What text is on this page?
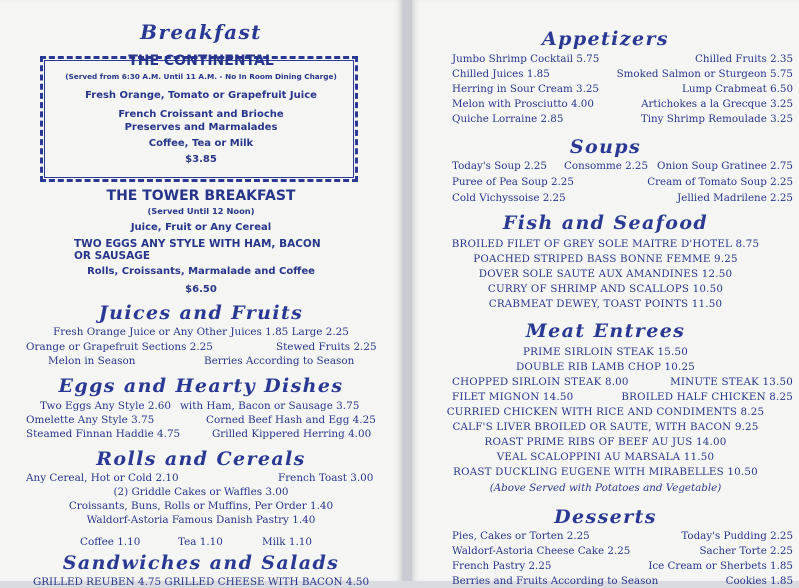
Breakfast
THE CONTINENTAL
(Served from 6:30 A.M. Until 11 A.M. - No In Room Dining Charge)
Fresh Orange, Tomato or Grapefruit Juice
French Croissant and Brioche
Preserves and Marmalades
Coffee, Tea or Milk
$3.85
THE TOWER BREAKFAST
(Served Until 12 Noon)
Juice, Fruit or Any Cereal
TWO EGGS ANY STYLE WITH HAM, BACON
OR SAUSAGE
Rolls, Croissants, Marmalade and Coffee
$6.50
Juices and Fruits
Fresh Orange Juice or Any Other Juices 1.85 Large 2.25
Orange or Grapefruit Sections 2.25	Stewed Fruits 2.25
Melon in Season	Berries According to Season
Eggs and Hearty Dishes
Two Eggs Any Style 2.60 with Ham, Bacon or Sausage 3.75
Omelette Any Style 3.75	Corned Beef Hash and Egg 4.25
Steamed Finnan Haddie 4.75	Grilled Kippered Herring 4.00
Rolls and Cereals
Any Cereal, Hot or Cold 2.10	French Toast 3.00
(2) Griddle Cakes or Waffles 3.00
Croissants, Buns, Rolls or Muffins, Per Order 1.40
Waldorf-Astoria Famous Danish Pastry 1.40
Coffee 1.10	Tea 1.10	Milk 1.10
Sandwiches and Salads
GRILLED REUBEN 4.75 GRILLED CHEESE WITH BACON 4.50
Appetizers
Jumbo Shrimp Cocktail 5.75	Chilled Fruits 2.35
Chilled Juices 1.85	Smoked Salmon or Sturgeon 5.75
Herring in Sour Cream 3.25	Lump Crabmeat 6.50
Melon with Prosciutto 4.00	Artichokes a la Grecque 3.25
Quiche Lorraine 2.85	Tiny Shrimp Remoulade 3.25
Soups
Today's Soup 2.25 Consomme 2.25 Onion Soup Gratinee 2.75
Puree of Pea Soup 2.25	Cream of Tomato Soup 2.25
Cold Vichyssoise 2.25	Jellied Madrilene 2.25
Fish and Seafood
BROILED FILET OF GREY SOLE MAITRE D'HOTEL 8.75
POACHED STRIPED BASS BONNE FEMME 9.25
DOVER SOLE SAUTE AUX AMANDINES 12.50
CURRY OF SHRIMP AND SCALLOPS 10.50
CRABMEAT DEWEY, TOAST POINTS 11.50
Meat Entrees
PRIME SIRLOIN STEAK 15.50
DOUBLE RIB LAMB CHOP 10.25
CHOPPED SIRLOIN STEAK 8.00	MINUTE STEAK 13.50
FILET MIGNON 14.50	BROILED HALF CHICKEN 8.25
CURRIED CHICKEN WITH RICE AND CONDIMENTS 8.25
CALF'S LIVER BROILED OR SAUTE, WITH BACON 9.25
ROAST PRIME RIBS OF BEEF AU JUS 14.00
VEAL SCALOPPINI AU MARSALA 11.50
ROAST DUCKLING EUGENE WITH MIRABELLES 10.50
(Above Served with Potatoes and Vegetable)
Desserts
Pies, Cakes or Torten 2.25	Today's Pudding 2.25
Waldorf-Astoria Cheese Cake 2.25	Sacher Torte 2.25
French Pastry 2.25	Ice Cream or Sherbets 1.85
Berries and Fruits According to Season	Cookies 1.85
